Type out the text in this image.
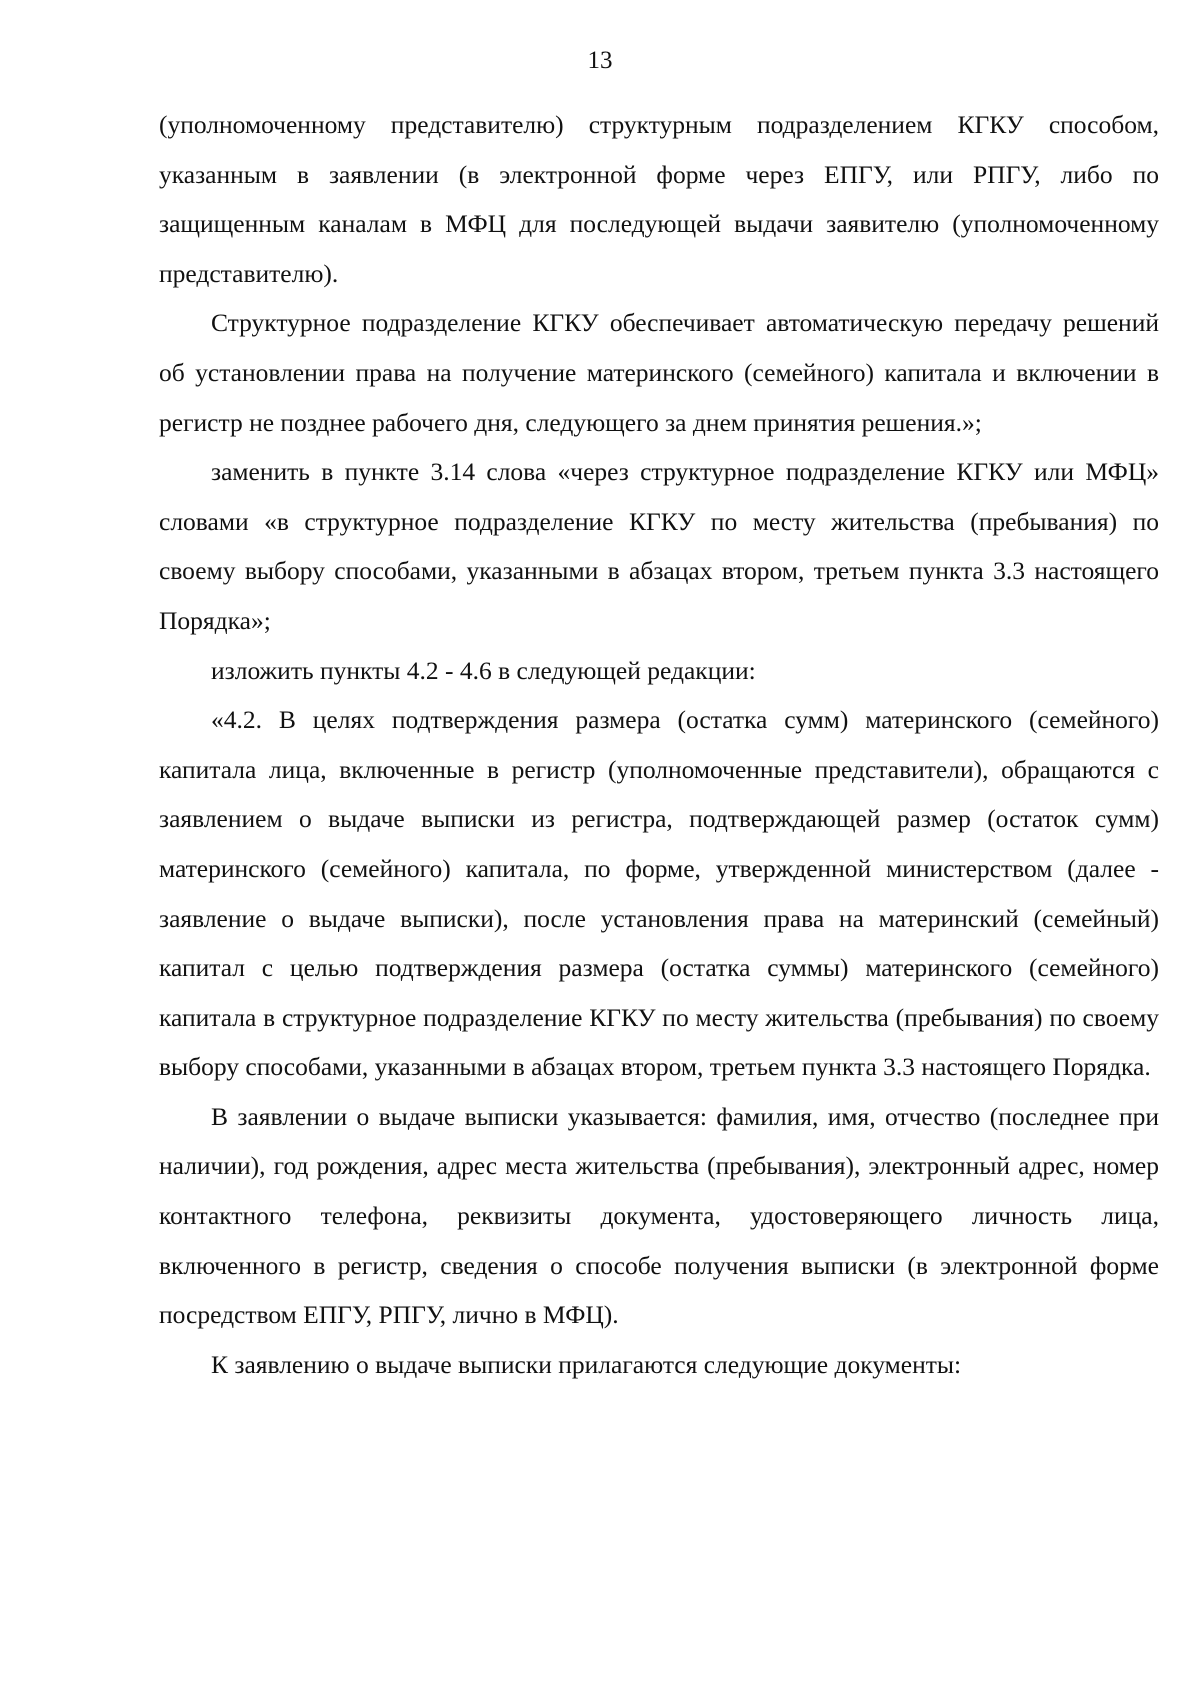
13

(уполномоченному представителю) структурным подразделением КГКУ способом, указанным в заявлении (в электронной форме через ЕПГУ, или РПГУ, либо по защищенным каналам в МФЦ для последующей выдачи заявителю (уполномоченному представителю).

Структурное подразделение КГКУ обеспечивает автоматическую передачу решений об установлении права на получение материнского (семейного) капитала и включении в регистр не позднее рабочего дня, следующего за днем принятия решения.»;

заменить в пункте 3.14 слова «через структурное подразделение КГКУ или МФЦ» словами «в структурное подразделение КГКУ по месту жительства (пребывания) по своему выбору способами, указанными в абзацах втором, третьем пункта 3.3 настоящего Порядка»;

изложить пункты 4.2 - 4.6 в следующей редакции:

«4.2. В целях подтверждения размера (остатка сумм) материнского (семейного) капитала лица, включенные в регистр (уполномоченные представители), обращаются с заявлением о выдаче выписки из регистра, подтверждающей размер (остаток сумм) материнского (семейного) капитала, по форме, утвержденной министерством (далее - заявление о выдаче выписки), после установления права на материнский (семейный) капитал с целью подтверждения размера (остатка суммы) материнского (семейного) капитала в структурное подразделение КГКУ по месту жительства (пребывания) по своему выбору способами, указанными в абзацах втором, третьем пункта 3.3 настоящего Порядка.

В заявлении о выдаче выписки указывается: фамилия, имя, отчество (последнее при наличии), год рождения, адрес места жительства (пребывания), электронный адрес, номер контактного телефона, реквизиты документа, удостоверяющего личность лица, включенного в регистр, сведения о способе получения выписки (в электронной форме посредством ЕПГУ, РПГУ, лично в МФЦ).

К заявлению о выдаче выписки прилагаются следующие документы:
